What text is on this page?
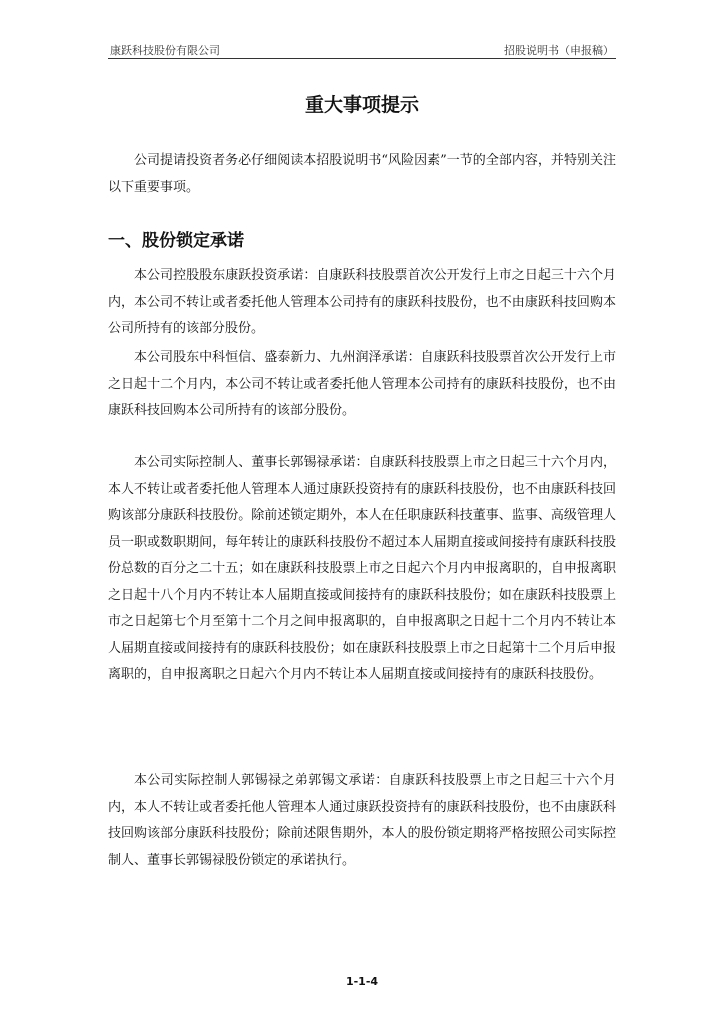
康跃科技股份有限公司	招股说明书（申报稿）
重大事项提示

公司提请投资者务必仔细阅读本招股说明书“风险因素”一节的全部内容，并特别关注以下重要事项。

一、股份锁定承诺

本公司控股股东康跃投资承诺：自康跃科技股票首次公开发行上市之日起三十六个月内，本公司不转让或者委托他人管理本公司持有的康跃科技股份，也不由康跃科技回购本公司所持有的该部分股份。

本公司股东中科恒信、盛泰新力、九州润泽承诺：自康跃科技股票首次公开发行上市之日起十二个月内，本公司不转让或者委托他人管理本公司持有的康跃科技股份，也不由康跃科技回购本公司所持有的该部分股份。

本公司实际控制人、董事长郭锡禄承诺：自康跃科技股票上市之日起三十六个月内，本人不转让或者委托他人管理本人通过康跃投资持有的康跃科技股份，也不由康跃科技回购该部分康跃科技股份。除前述锁定期外，本人在任职康跃科技董事、监事、高级管理人员一职或数职期间，每年转让的康跃科技股份不超过本人届期直接或间接持有康跃科技股份总数的百分之二十五；如在康跃科技股票上市之日起六个月内申报离职的，自申报离职之日起十八个月内不转让本人届期直接或间接持有的康跃科技股份；如在康跃科技股票上市之日起第七个月至第十二个月之间申报离职的，自申报离职之日起十二个月内不转让本人届期直接或间接持有的康跃科技股份；如在康跃科技股票上市之日起第十二个月后申报离职的，自申报离职之日起六个月内不转让本人届期直接或间接持有的康跃科技股份。

本公司实际控制人郭锡禄之弟郭锡文承诺：自康跃科技股票上市之日起三十六个月内，本人不转让或者委托他人管理本人通过康跃投资持有的康跃科技股份，也不由康跃科技回购该部分康跃科技股份；除前述限售期外，本人的股份锁定期将严格按照公司实际控制人、董事长郭锡禄股份锁定的承诺执行。

1-1-4
